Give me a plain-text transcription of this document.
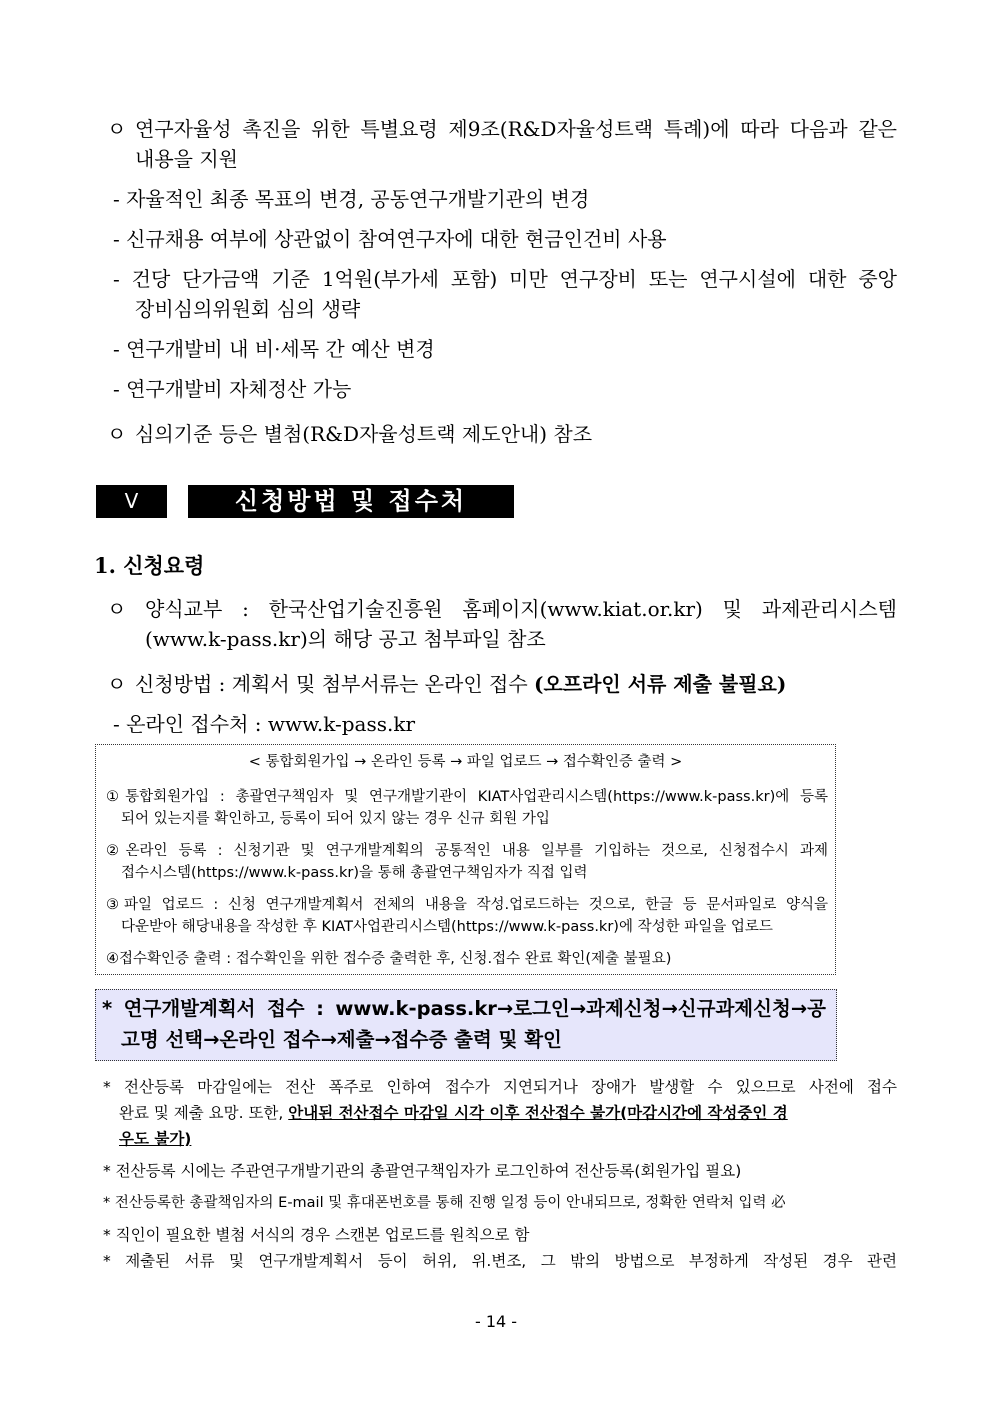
ㅇ 연구자율성 촉진을 위한 특별요령 제9조(R&D자율성트랙 특례)에 따라 다음과 같은
내용을 지원
- 자율적인 최종 목표의 변경, 공동연구개발기관의 변경
- 신규채용 여부에 상관없이 참여연구자에 대한 현금인건비 사용
- 건당 단가금액 기준 1억원(부가세 포함) 미만 연구장비 또는 연구시설에 대한 중앙
장비심의위원회 심의 생략
- 연구개발비 내 비·세목 간 예산 변경
- 연구개발비 자체정산 가능
ㅇ 심의기준 등은 별첨(R&D자율성트랙 제도안내) 참조
Ⅴ	신청방법 및 접수처
1. 신청요령
ㅇ 양식교부 : 한국산업기술진흥원 홈페이지(www.kiat.or.kr) 및 과제관리시스템
(www.k-pass.kr)의 해당 공고 첨부파일 참조
ㅇ 신청방법 : 계획서 및 첨부서류는 온라인 접수 (오프라인 서류 제출 불필요)
- 온라인 접수처 : www.k-pass.kr
< 통합회원가입 → 온라인 등록 → 파일 업로드 → 접수확인증 출력 >
①통합회원가입 : 총괄연구책임자 및 연구개발기관이 KIAT사업관리시스템(https://www.k-pass.kr)에 등록
되어 있는지를 확인하고, 등록이 되어 있지 않는 경우 신규 회원 가입
②온라인 등록 : 신청기관 및 연구개발계획의 공통적인 내용 일부를 기입하는 것으로, 신청접수시 과제
접수시스템(https://www.k-pass.kr)을 통해 총괄연구책임자가 직접 입력
③파일 업로드 : 신청 연구개발계획서 전체의 내용을 작성.업로드하는 것으로, 한글 등 문서파일로 양식을
다운받아 해당내용을 작성한 후 KIAT사업관리시스템(https://www.k-pass.kr)에 작성한 파일을 업로드
④접수확인증 출력 : 접수확인을 위한 접수증 출력한 후, 신청.접수 완료 확인(제출 불필요)
* 연구개발계획서 접수 : www.k-pass.kr→로그인→과제신청→신규과제신청→공
고명 선택→온라인 접수→제출→접수증 출력 및 확인
* 전산등록 마감일에는 전산 폭주로 인하여 접수가 지연되거나 장애가 발생할 수 있으므로 사전에 접수
완료 및 제출 요망. 또한, 안내된 전산접수 마감일 시각 이후 전산접수 불가(마감시간에 작성중인 경
우도 불가)
* 전산등록 시에는 주관연구개발기관의 총괄연구책임자가 로그인하여 전산등록(회원가입 필요)
* 전산등록한 총괄책임자의 E-mail 및 휴대폰번호를 통해 진행 일정 등이 안내되므로, 정확한 연락처 입력 必
* 직인이 필요한 별첨 서식의 경우 스캔본 업로드를 원칙으로 함
* 제출된 서류 및 연구개발계획서 등이 허위, 위.변조, 그 밖의 방법으로 부정하게 작성된 경우 관련
- 14 -
